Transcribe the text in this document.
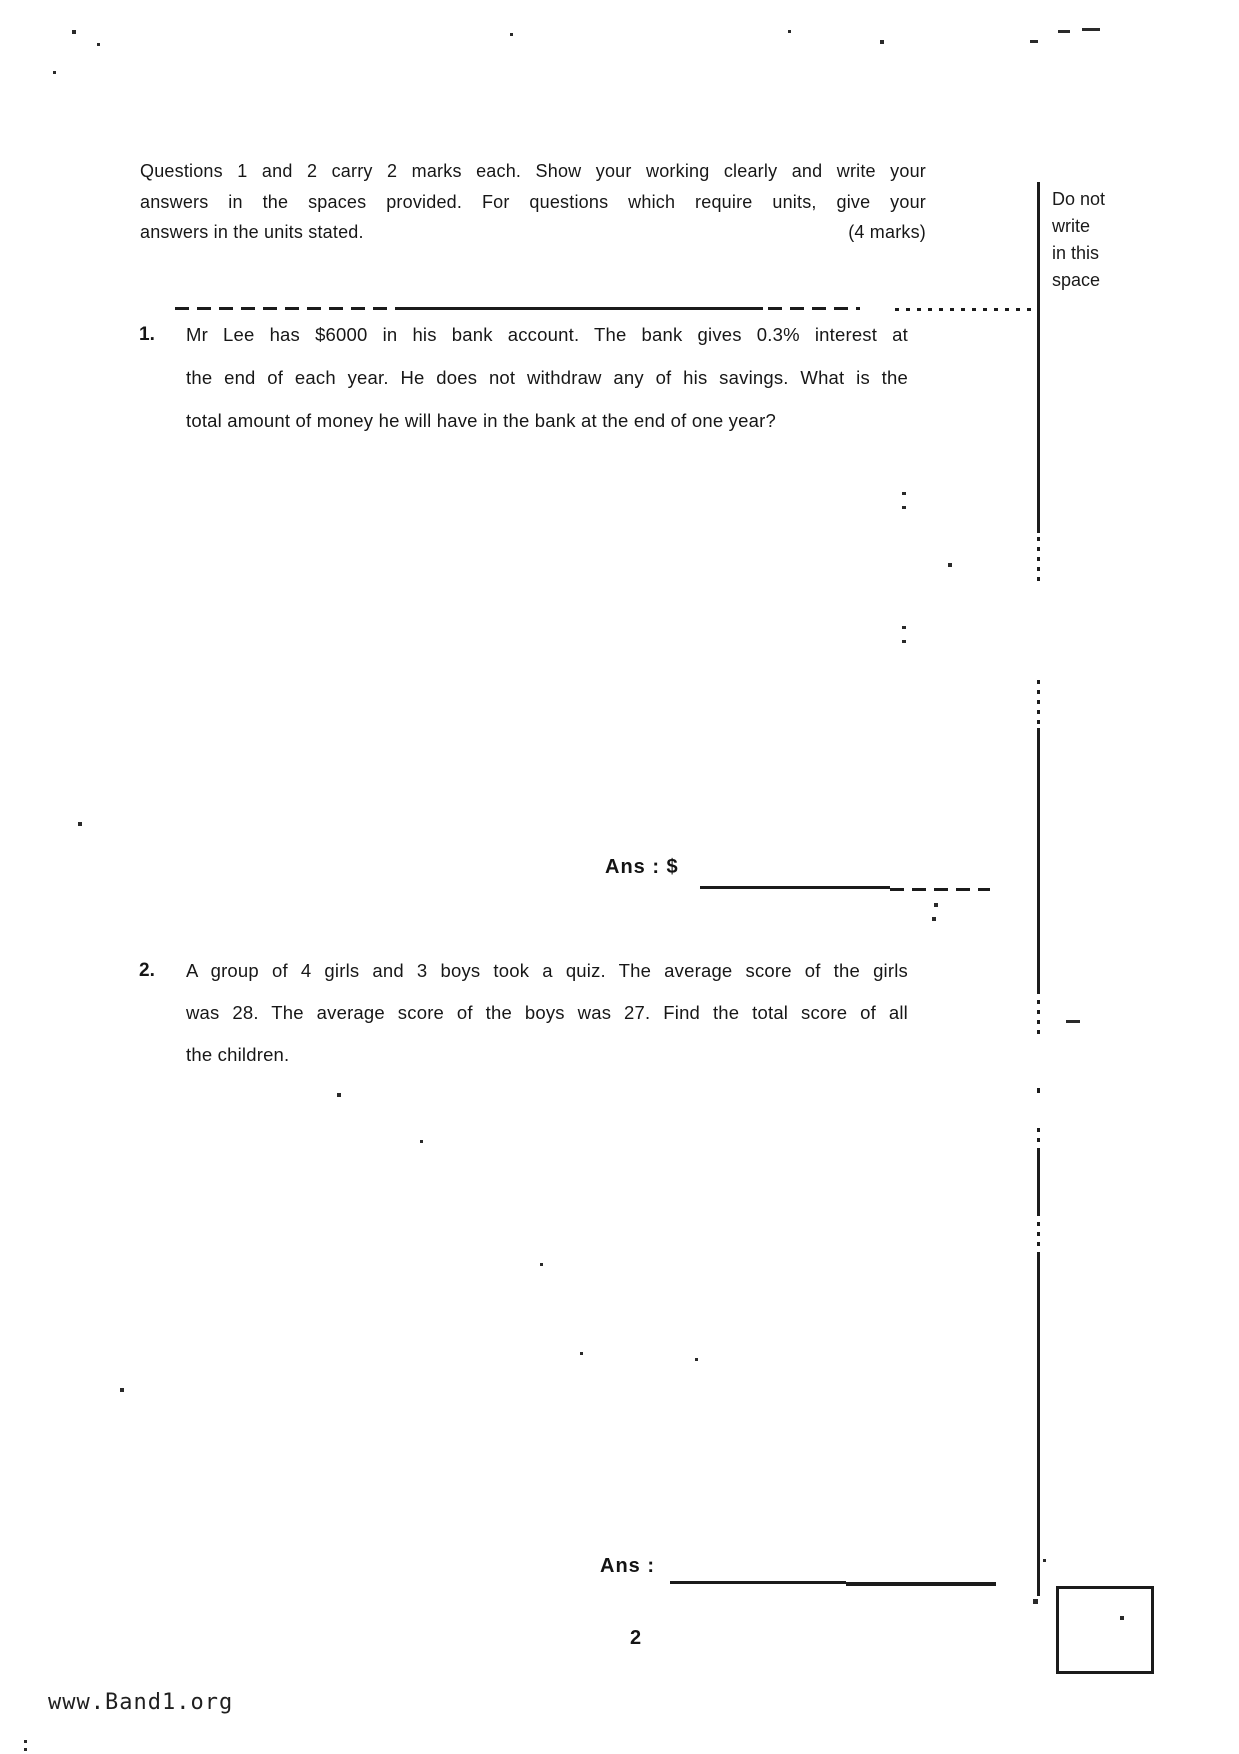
Questions 1 and 2 carry 2 marks each. Show your working clearly and write your
answers in the spaces provided. For questions which require units, give your
answers in the units stated.	(4 marks)
Do not
write
in this
space
1. Mr Lee has $6000 in his bank account. The bank gives 0.3% interest at
the end of each year. He does not withdraw any of his savings. What is the
total amount of money he will have in the bank at the end of one year?
Ans : $
2. A group of 4 girls and 3 boys took a quiz. The average score of the girls
was 28. The average score of the boys was 27. Find the total score of all
the children.
Ans :
2
www.Band1.org
